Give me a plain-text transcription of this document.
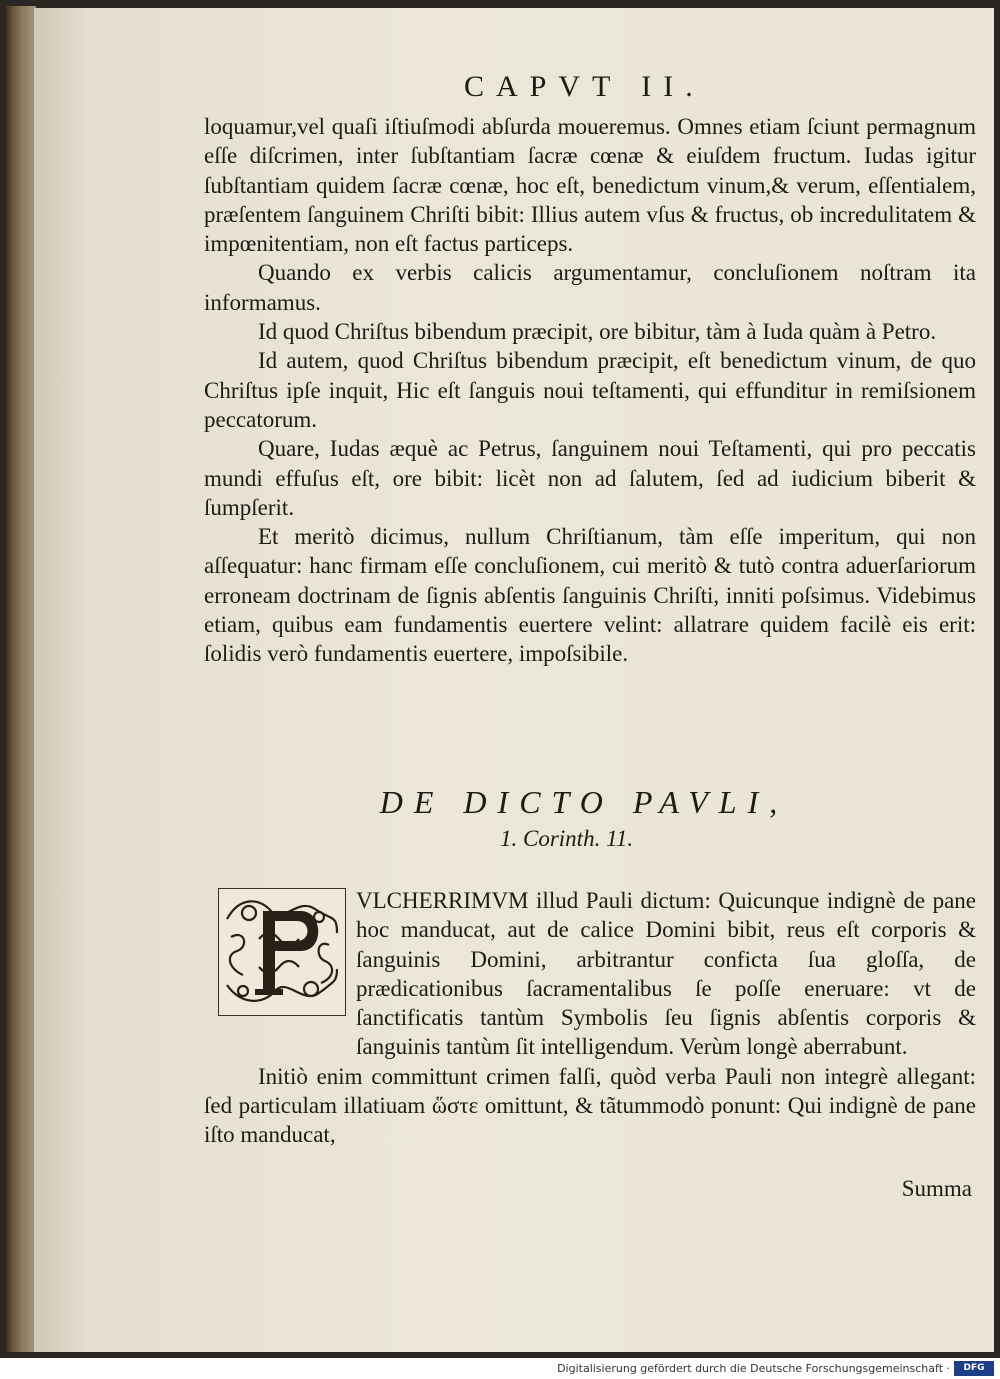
CAPVT II.

loquamur,vel quaſi iſtiuſmodi abſurda moueremus. Omnes etiam ſciunt permagnum eſſe diſcrimen, inter ſubſtantiam ſacræ cœnæ & eiuſdem fructum. Iudas igitur ſubſtantiam quidem ſacræ cœnæ, hoc eſt, benedictum vinum,& verum, eſſentialem, præſentem ſanguinem Chriſti bibit: Illius autem vſus & fructus, ob incredulitatem & impœnitentiam, non eſt factus particeps.

Quando ex verbis calicis argumentamur, concluſionem noſtram ita informamus.

Id quod Chriſtus bibendum præcipit, ore bibitur, tàm à Iuda quàm à Petro.

Id autem, quod Chriſtus bibendum præcipit, eſt benedictum vinum, de quo Chriſtus ipſe inquit, Hic eſt ſanguis noui teſtamenti, qui effunditur in remiſsionem peccatorum.

Quare, Iudas æquè ac Petrus, ſanguinem noui Teſtamenti, qui pro peccatis mundi effuſus eſt, ore bibit: licèt non ad ſalutem, ſed ad iudicium biberit & ſumpſerit.

Et meritò dicimus, nullum Chriſtianum, tàm eſſe imperitum, qui non aſſequatur: hanc firmam eſſe concluſionem, cui meritò & tutò contra aduerſariorum erroneam doctrinam de ſignis abſentis ſanguinis Chriſti, inniti poſsimus. Videbimus etiam, quibus eam fundamentis euertere velint: allatrare quidem facilè eis erit: ſolidis verò fundamentis euertere, impoſsibile.

DE DICTO PAVLI,
1. Corinth. 11.

VLCHERRIMVM illud Pauli dictum: Quicunque indignè de pane hoc manducat, aut de calice Domini bibit, reus eſt corporis & ſanguinis Domini, arbitrantur conficta ſua gloſſa, de prædicationibus ſacramentalibus ſe poſſe eneruare: vt de ſanctificatis tantùm Symbolis ſeu ſignis abſentis corporis & ſanguinis tantùm ſit intelligendum. Verùm longè aberrabunt.

Initiò enim committunt crimen falſi, quòd verba Pauli non integrè allegant: ſed particulam illatiuam ὥστε omittunt, & tãtummodò ponunt: Qui indignè de pane iſto manducat,

Summa
Digitalisierung gefördert durch die Deutsche Forschungsgemeinschaft ·	DFG
